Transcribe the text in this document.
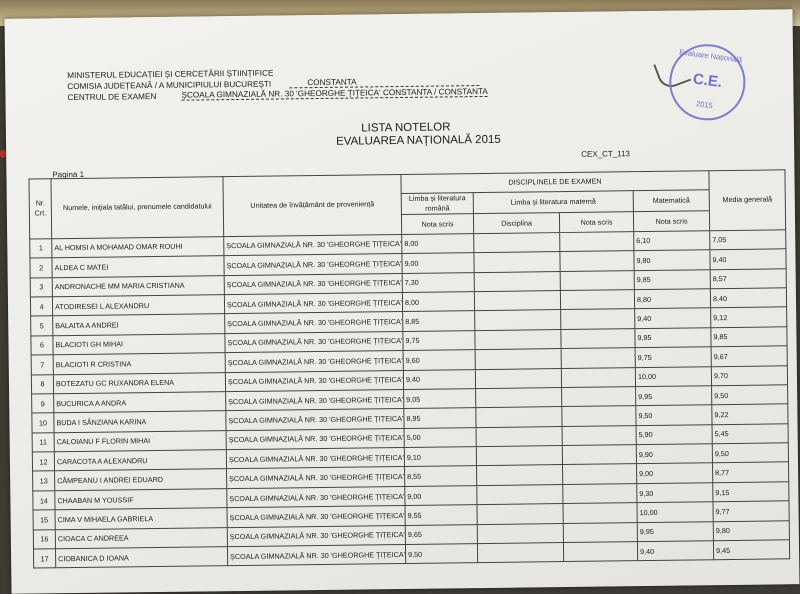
MINISTERUL EDUCAȚIEI ȘI CERCETĂRII ȘTIINȚIFICE
COMISIA JUDEȚEANĂ / A MUNICIPIULUI BUCUREȘTI
CENTRUL DE EXAMEN
CONSTANTA
ȘCOALA GIMNAZIALĂ NR. 30 'GHEORGHE ȚIȚEICA' CONSTANTA / CONSTANTA
LISTA NOTELOR
EVALUAREA NAȚIONALĂ 2015
Evaluare Națională
C.E.
2015
CEX_CT_113
Pagina 1
Nr. Crt.	Numele, inițiala tatălui, prenumele candidatului	Unitatea de învățământ de proveniență	DISCIPLINELE DE EXAMEN				Media generală
			Limba și literatura română	Limba și literatura maternă		Matematică	
			Nota scris	Disciplina	Nota scris	Nota scris	
1	AL HOMSI A MOHAMAD OMAR ROUHI	ȘCOALA GIMNAZIALĂ NR. 30 'GHEORGHE ȚIȚEICA'	8,00			6,10	7,05
2	ALDEA C MATEI	ȘCOALA GIMNAZIALĂ NR. 30 'GHEORGHE ȚIȚEICA'	9,00			9,80	9,40
3	ANDRONACHE MM MARIA CRISTIANA	ȘCOALA GIMNAZIALĂ NR. 30 'GHEORGHE ȚIȚEICA'	7,30			9,85	8,57
4	ATODIRESEI L ALEXANDRU	ȘCOALA GIMNAZIALĂ NR. 30 'GHEORGHE ȚIȚEICA'	8,00			8,80	8,40
5	BALAITA A ANDREI	ȘCOALA GIMNAZIALĂ NR. 30 'GHEORGHE ȚIȚEICA'	8,85			9,40	9,12
6	BLACIOTI GH MIHAI	ȘCOALA GIMNAZIALĂ NR. 30 'GHEORGHE ȚIȚEICA'	9,75			9,95	9,85
7	BLACIOTI R CRISTINA	ȘCOALA GIMNAZIALĂ NR. 30 'GHEORGHE ȚIȚEICA'	9,60			9,75	9,67
8	BOTEZATU GC RUXANDRA ELENA	ȘCOALA GIMNAZIALĂ NR. 30 'GHEORGHE ȚIȚEICA'	9,40			10,00	9,70
9	BUCURICA A ANDRA	ȘCOALA GIMNAZIALĂ NR. 30 'GHEORGHE ȚIȚEICA'	9,05			9,95	9,50
10	BUDA I SÂNZIANA KARINA	ȘCOALA GIMNAZIALĂ NR. 30 'GHEORGHE ȚIȚEICA'	8,95			9,50	9,22
11	CALOIANU F FLORIN MIHAI	ȘCOALA GIMNAZIALĂ NR. 30 'GHEORGHE ȚIȚEICA'	5,00			5,90	5,45
12	CARACOTA A ALEXANDRU	ȘCOALA GIMNAZIALĂ NR. 30 'GHEORGHE ȚIȚEICA'	9,10			9,90	9,50
13	CÂMPEANU I ANDREI EDUARD	ȘCOALA GIMNAZIALĂ NR. 30 'GHEORGHE ȚIȚEICA'	8,55			9,00	8,77
14	CHAABAN M YOUSSIF	ȘCOALA GIMNAZIALĂ NR. 30 'GHEORGHE ȚIȚEICA'	9,00			9,30	9,15
15	CIMA V MIHAELA GABRIELA	ȘCOALA GIMNAZIALĂ NR. 30 'GHEORGHE ȚIȚEICA'	9,55			10,00	9,77
16	CIOACA C ANDREEA	ȘCOALA GIMNAZIALĂ NR. 30 'GHEORGHE ȚIȚEICA'	9,65			9,95	9,80
17	CIOBANICA D IOANA	ȘCOALA GIMNAZIALĂ NR. 30 'GHEORGHE ȚIȚEICA'	9,50			9,40	9,45
